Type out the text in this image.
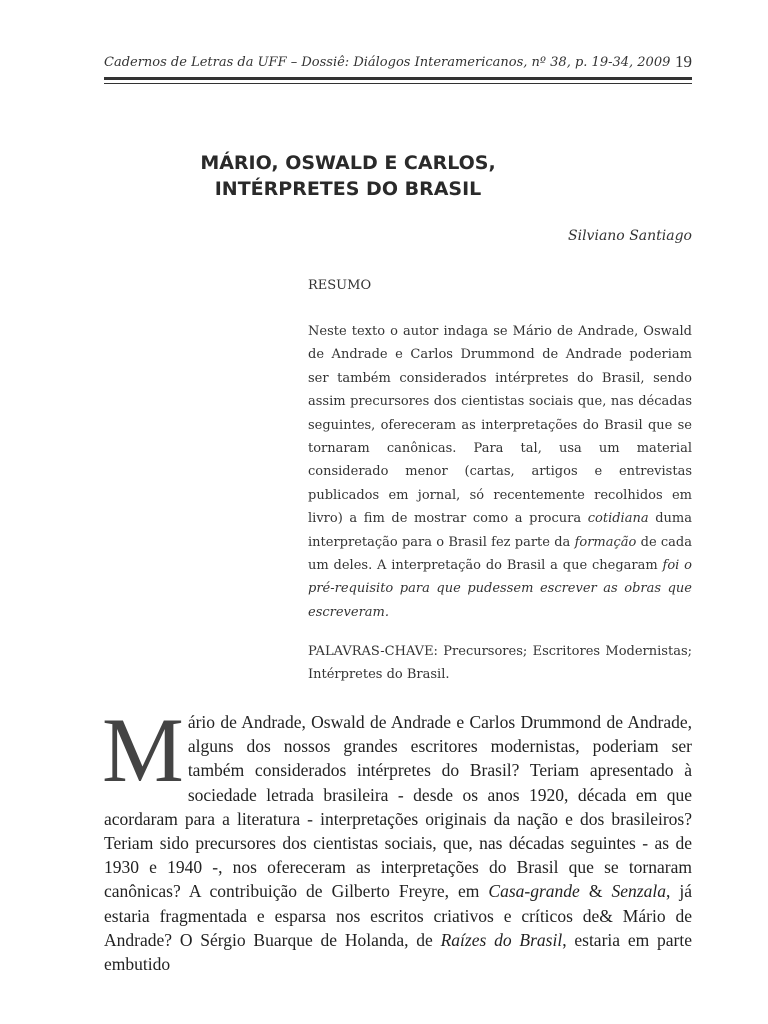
Cadernos de Letras da UFF – Dossiê: Diálogos Interamericanos, nº 38, p. 19-34, 2009 19
MÁRIO, OSWALD E CARLOS,
INTÉRPRETES DO BRASIL
Silviano Santiago
RESUMO
Neste texto o autor indaga se Mário de Andrade, Oswald de Andrade e Carlos Drummond de Andrade poderiam ser também considerados intérpretes do Brasil, sendo assim precursores dos cientistas sociais que, nas décadas seguintes, ofereceram as interpretações do Brasil que se tornaram canônicas. Para tal, usa um material considerado menor (cartas, artigos e entrevistas publicados em jornal, só recentemente recolhidos em livro) a fim de mostrar como a procura cotidiana duma interpretação para o Brasil fez parte da formação de cada um deles. A interpretação do Brasil a que chegaram foi o pré-requisito para que pudessem escrever as obras que escreveram.
PALAVRAS-CHAVE: Precursores; Escritores Modernistas; Intérpretes do Brasil.
Mário de Andrade, Oswald de Andrade e Carlos Drummond de Andrade, alguns dos nossos grandes escritores modernistas, poderiam ser também considerados intérpretes do Brasil? Teriam apresentado à sociedade letrada brasileira - desde os anos 1920, década em que acordaram para a literatura - interpretações originais da nação e dos brasileiros? Teriam sido precursores dos cientistas sociais, que, nas décadas seguintes - as de 1930 e 1940 -, nos ofereceram as interpretações do Brasil que se tornaram canônicas? A contribuição de Gilberto Freyre, em Casa-grande & Senzala, já estaria fragmentada e esparsa nos escritos criativos e críticos de& Mário de Andrade? O Sérgio Buarque de Holanda, de Raízes do Brasil, estaria em parte embutido
